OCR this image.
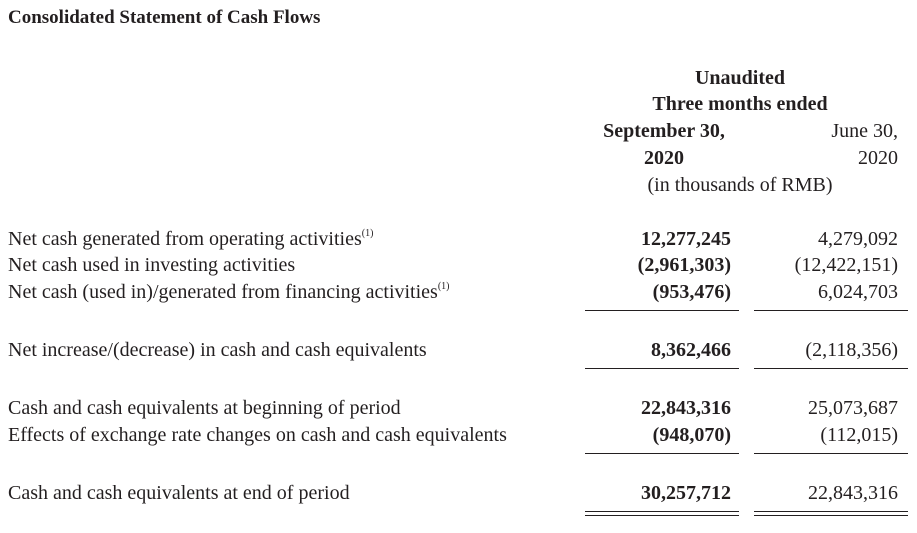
Consolidated Statement of Cash Flows
Unaudited
Three months ended
September 30,
2020
June 30,
2020
(in thousands of RMB)
Net cash generated from operating activities$^{(1)}$	12,277,245	4,279,092
Net cash used in investing activities	(2,961,303)	(12,422,151)
Net cash (used in)/generated from financing activities$^{(1)}$	(953,476)	6,024,703
Net increase/(decrease) in cash and cash equivalents	8,362,466	(2,118,356)
Cash and cash equivalents at beginning of period	22,843,316	25,073,687
Effects of exchange rate changes on cash and cash equivalents	(948,070)	(112,015)
Cash and cash equivalents at end of period	30,257,712	22,843,316
